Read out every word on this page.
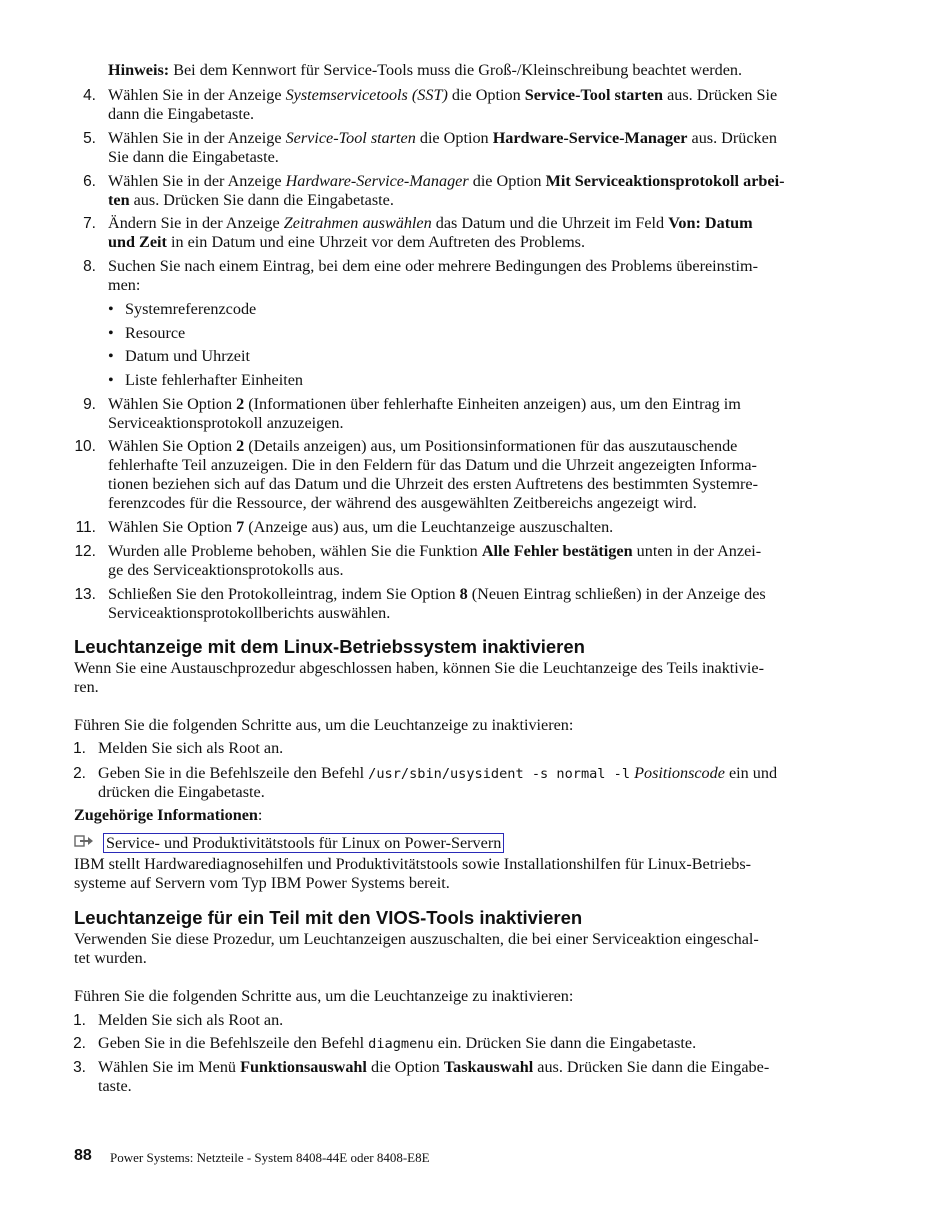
Hinweis: Bei dem Kennwort für Service-Tools muss die Groß-/Kleinschreibung beachtet werden.
4. Wählen Sie in der Anzeige Systemservicetools (SST) die Option Service-Tool starten aus. Drücken Sie
dann die Eingabetaste.
5. Wählen Sie in der Anzeige Service-Tool starten die Option Hardware-Service-Manager aus. Drücken
Sie dann die Eingabetaste.
6. Wählen Sie in der Anzeige Hardware-Service-Manager die Option Mit Serviceaktionsprotokoll arbei-
ten aus. Drücken Sie dann die Eingabetaste.
7. Ändern Sie in der Anzeige Zeitrahmen auswählen das Datum und die Uhrzeit im Feld Von: Datum
und Zeit in ein Datum und eine Uhrzeit vor dem Auftreten des Problems.
8. Suchen Sie nach einem Eintrag, bei dem eine oder mehrere Bedingungen des Problems übereinstim-
men:
• Systemreferenzcode
• Resource
• Datum und Uhrzeit
• Liste fehlerhafter Einheiten
9. Wählen Sie Option 2 (Informationen über fehlerhafte Einheiten anzeigen) aus, um den Eintrag im
Serviceaktionsprotokoll anzuzeigen.
10. Wählen Sie Option 2 (Details anzeigen) aus, um Positionsinformationen für das auszutauschende
fehlerhafte Teil anzuzeigen. Die in den Feldern für das Datum und die Uhrzeit angezeigten Informa-
tionen beziehen sich auf das Datum und die Uhrzeit des ersten Auftretens des bestimmten Systemre-
ferenzcodes für die Ressource, der während des ausgewählten Zeitbereichs angezeigt wird.
11. Wählen Sie Option 7 (Anzeige aus) aus, um die Leuchtanzeige auszuschalten.
12. Wurden alle Probleme behoben, wählen Sie die Funktion Alle Fehler bestätigen unten in der Anzei-
ge des Serviceaktionsprotokolls aus.
13. Schließen Sie den Protokolleintrag, indem Sie Option 8 (Neuen Eintrag schließen) in der Anzeige des
Serviceaktionsprotokollberichts auswählen.
Leuchtanzeige mit dem Linux-Betriebssystem inaktivieren
Wenn Sie eine Austauschprozedur abgeschlossen haben, können Sie die Leuchtanzeige des Teils inaktivie-
ren.
Führen Sie die folgenden Schritte aus, um die Leuchtanzeige zu inaktivieren:
1. Melden Sie sich als Root an.
2. Geben Sie in die Befehlszeile den Befehl /usr/sbin/usysident -s normal -l Positionscode ein und
drücken die Eingabetaste.
Zugehörige Informationen:
Service- und Produktivitätstools für Linux on Power-Servern
IBM stellt Hardwarediagnosehilfen und Produktivitätstools sowie Installationshilfen für Linux-Betriebs-
systeme auf Servern vom Typ IBM Power Systems bereit.
Leuchtanzeige für ein Teil mit den VIOS-Tools inaktivieren
Verwenden Sie diese Prozedur, um Leuchtanzeigen auszuschalten, die bei einer Serviceaktion eingeschal-
tet wurden.
Führen Sie die folgenden Schritte aus, um die Leuchtanzeige zu inaktivieren:
1. Melden Sie sich als Root an.
2. Geben Sie in die Befehlszeile den Befehl diagmenu ein. Drücken Sie dann die Eingabetaste.
3. Wählen Sie im Menü Funktionsauswahl die Option Taskauswahl aus. Drücken Sie dann die Eingabe-
taste.
88 Power Systems: Netzteile - System 8408-44E oder 8408-E8E
